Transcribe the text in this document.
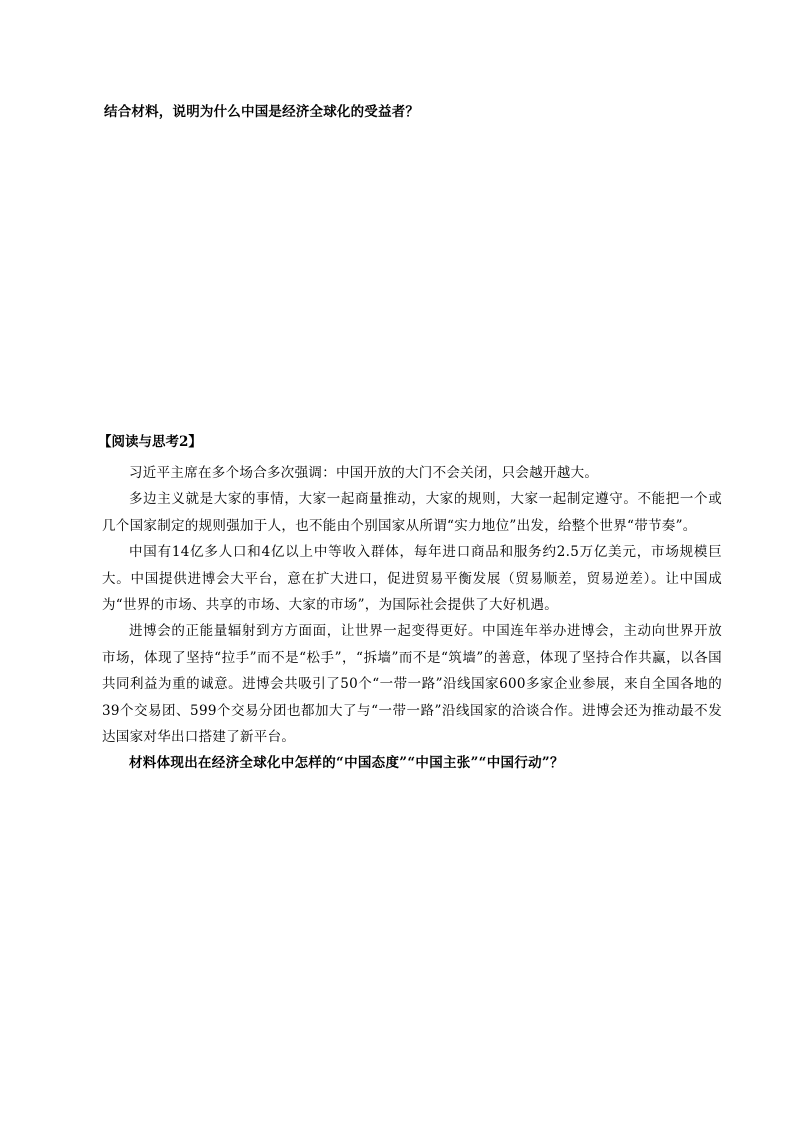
结合材料，说明为什么中国是经济全球化的受益者？
【阅读与思考2】

习近平主席在多个场合多次强调：中国开放的大门不会关闭，只会越开越大。

多边主义就是大家的事情，大家一起商量推动，大家的规则，大家一起制定遵守。不能把一个或几个国家制定的规则强加于人，也不能由个别国家从所谓“实力地位”出发，给整个世界“带节奏”。

中国有14亿多人口和4亿以上中等收入群体，每年进口商品和服务约2.5万亿美元，市场规模巨大。中国提供进博会大平台，意在扩大进口，促进贸易平衡发展（贸易顺差，贸易逆差）。让中国成为“世界的市场、共享的市场、大家的市场”，为国际社会提供了大好机遇。

进博会的正能量辐射到方方面面，让世界一起变得更好。中国连年举办进博会，主动向世界开放市场，体现了坚持“拉手”而不是“松手”，“拆墙”而不是“筑墙”的善意，体现了坚持合作共赢，以各国共同利益为重的诚意。进博会共吸引了50个“一带一路”沿线国家600多家企业参展，来自全国各地的39个交易团、599个交易分团也都加大了与“一带一路”沿线国家的洽谈合作。进博会还为推动最不发达国家对华出口搭建了新平台。

材料体现出在经济全球化中怎样的“中国态度”“中国主张”“中国行动”？
